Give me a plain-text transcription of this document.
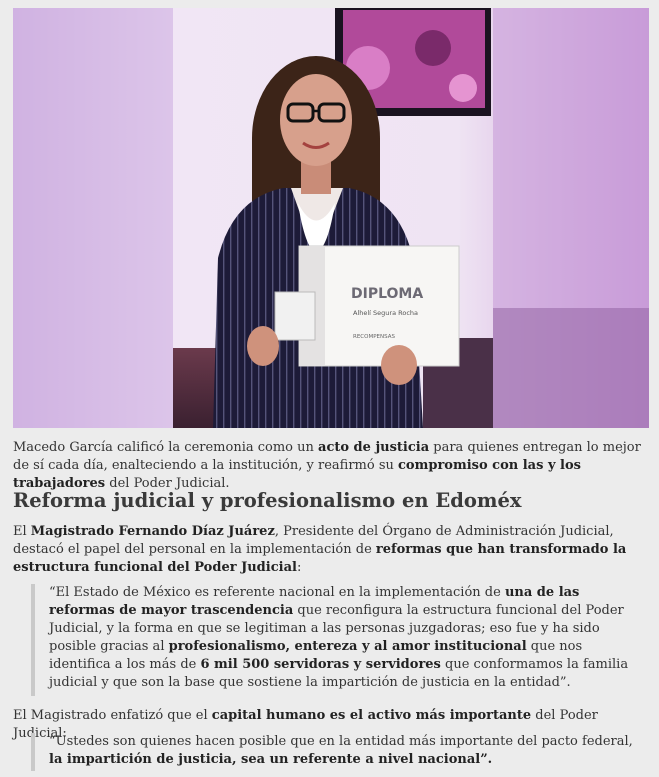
DIPLOMA
Alhelí Segura Rocha
RECOMPENSAS

Macedo García calificó la ceremonia como un acto de justicia para quienes entregan lo mejor de sí cada día, enalteciendo a la institución, y reafirmó su compromiso con las y los trabajadores del Poder Judicial.

Reforma judicial y profesionalismo en Edoméx

El Magistrado Fernando Díaz Juárez, Presidente del Órgano de Administración Judicial, destacó el papel del personal en la implementación de reformas que han transformado la estructura funcional del Poder Judicial:

“El Estado de México es referente nacional en la implementación de una de las reformas de mayor trascendencia que reconfigura la estructura funcional del Poder Judicial, y la forma en que se legitiman a las personas juzgadoras; eso fue y ha sido posible gracias al profesionalismo, entereza y al amor institucional que nos identifica a los más de 6 mil 500 servidoras y servidores que conformamos la familia judicial y que son la base que sostiene la impartición de justicia en la entidad”.

El Magistrado enfatizó que el capital humano es el activo más importante del Poder Judicial:

“Ustedes son quienes hacen posible que en la entidad más importante del pacto federal, la impartición de justicia, sea un referente a nivel nacional”.
